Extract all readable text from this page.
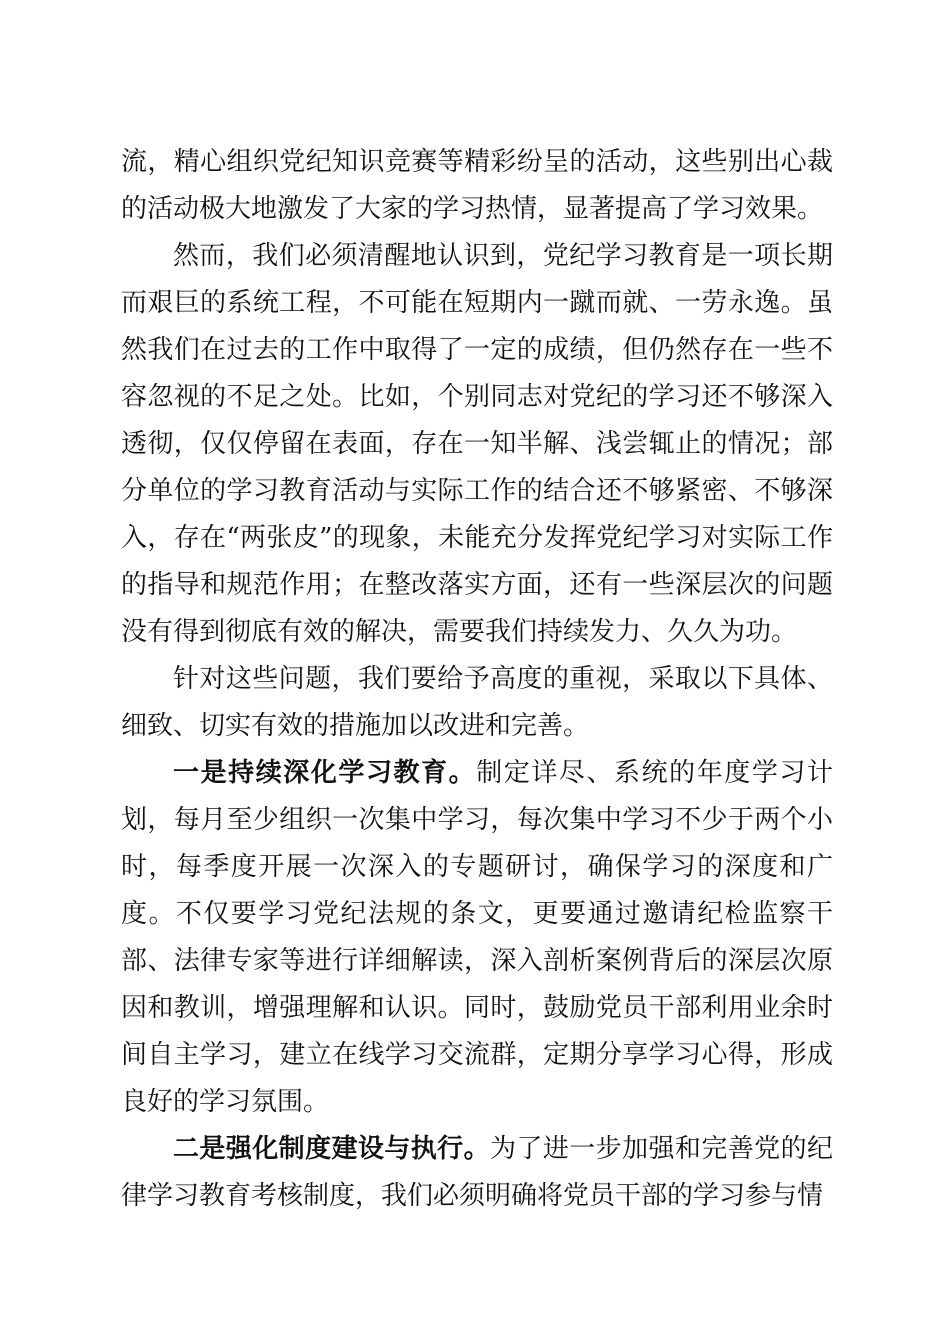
流，精心组织党纪知识竞赛等精彩纷呈的活动，这些别出心裁的活动极大地激发了大家的学习热情，显著提高了学习效果。

然而，我们必须清醒地认识到，党纪学习教育是一项长期而艰巨的系统工程，不可能在短期内一蹴而就、一劳永逸。虽然我们在过去的工作中取得了一定的成绩，但仍然存在一些不容忽视的不足之处。比如，个别同志对党纪的学习还不够深入透彻，仅仅停留在表面，存在一知半解、浅尝辄止的情况；部分单位的学习教育活动与实际工作的结合还不够紧密、不够深入，存在“两张皮”的现象，未能充分发挥党纪学习对实际工作的指导和规范作用；在整改落实方面，还有一些深层次的问题没有得到彻底有效的解决，需要我们持续发力、久久为功。

针对这些问题，我们要给予高度的重视，采取以下具体、细致、切实有效的措施加以改进和完善。

一是持续深化学习教育。制定详尽、系统的年度学习计划，每月至少组织一次集中学习，每次集中学习不少于两个小时，每季度开展一次深入的专题研讨，确保学习的深度和广度。不仅要学习党纪法规的条文，更要通过邀请纪检监察干部、法律专家等进行详细解读，深入剖析案例背后的深层次原因和教训，增强理解和认识。同时，鼓励党员干部利用业余时间自主学习，建立在线学习交流群，定期分享学习心得，形成良好的学习氛围。

二是强化制度建设与执行。为了进一步加强和完善党的纪律学习教育考核制度，我们必须明确将党员干部的学习参与情
